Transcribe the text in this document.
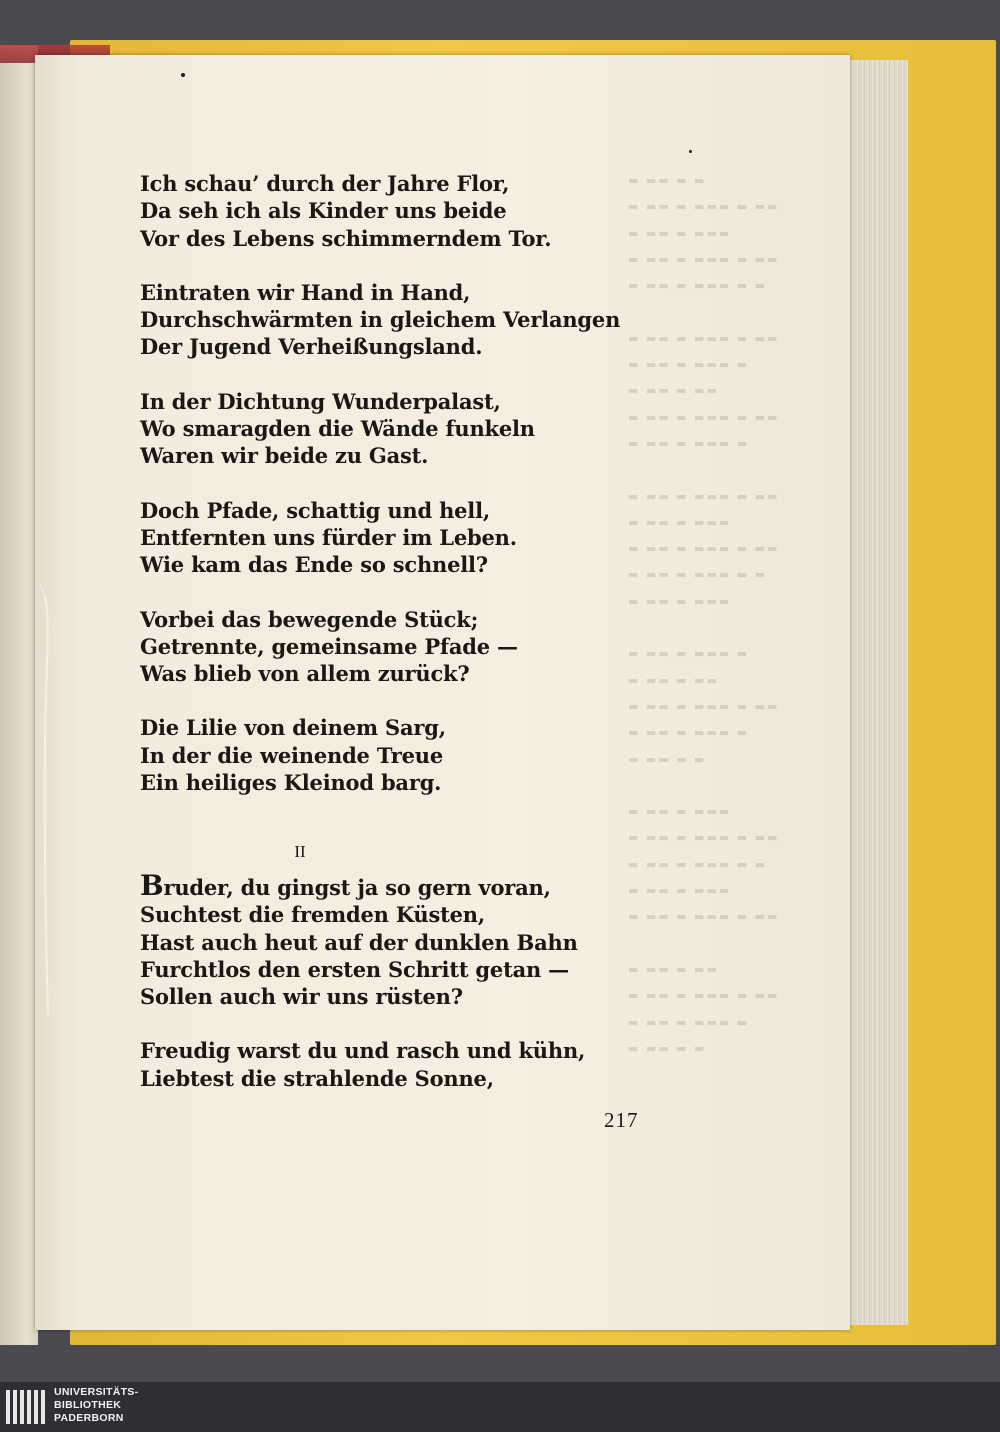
▬ ▬▬ ▬ ▬
▬ ▬▬ ▬ ▬▬▬ ▬ ▬▬
▬ ▬▬ ▬ ▬▬▬
▬ ▬▬ ▬ ▬▬▬ ▬ ▬▬
▬ ▬▬ ▬ ▬▬▬ ▬ ▬

▬ ▬▬ ▬ ▬▬▬ ▬ ▬▬
▬ ▬▬ ▬ ▬▬▬ ▬
▬ ▬▬ ▬ ▬▬
▬ ▬▬ ▬ ▬▬▬ ▬ ▬▬
▬ ▬▬ ▬ ▬▬▬ ▬

▬ ▬▬ ▬ ▬▬▬ ▬ ▬▬
▬ ▬▬ ▬ ▬▬▬
▬ ▬▬ ▬ ▬▬▬ ▬ ▬▬
▬ ▬▬ ▬ ▬▬▬ ▬ ▬
▬ ▬▬ ▬ ▬▬▬

▬ ▬▬ ▬ ▬▬▬ ▬
▬ ▬▬ ▬ ▬▬
▬ ▬▬ ▬ ▬▬▬ ▬ ▬▬
▬ ▬▬ ▬ ▬▬▬ ▬
▬ ▬▬ ▬ ▬

▬ ▬▬ ▬ ▬▬▬
▬ ▬▬ ▬ ▬▬▬ ▬ ▬▬
▬ ▬▬ ▬ ▬▬▬ ▬ ▬
▬ ▬▬ ▬ ▬▬▬
▬ ▬▬ ▬ ▬▬▬ ▬ ▬▬

▬ ▬▬ ▬ ▬▬
▬ ▬▬ ▬ ▬▬▬ ▬ ▬▬
▬ ▬▬ ▬ ▬▬▬ ▬
▬ ▬▬ ▬ ▬
Ich schau’ durch der Jahre Flor,
Da seh ich als Kinder uns beide
Vor des Lebens schimmerndem Tor.
Eintraten wir Hand in Hand,
Durchschwärmten in gleichem Verlangen
Der Jugend Verheißungsland.
In der Dichtung Wunderpalast,
Wo smaragden die Wände funkeln
Waren wir beide zu Gast.
Doch Pfade, schattig und hell,
Entfernten uns fürder im Leben.
Wie kam das Ende so schnell?
Vorbei das bewegende Stück;
Getrennte, gemeinsame Pfade —
Was blieb von allem zurück?
Die Lilie von deinem Sarg,
In der die weinende Treue
Ein heiliges Kleinod barg.
II
Bruder, du gingst ja so gern voran,
Suchtest die fremden Küsten,
Hast auch heut auf der dunklen Bahn
Furchtlos den ersten Schritt getan —
Sollen auch wir uns rüsten?
Freudig warst du und rasch und kühn,
Liebtest die strahlende Sonne,
217
UNIVERSITÄTS-
BIBLIOTHEK
PADERBORN
